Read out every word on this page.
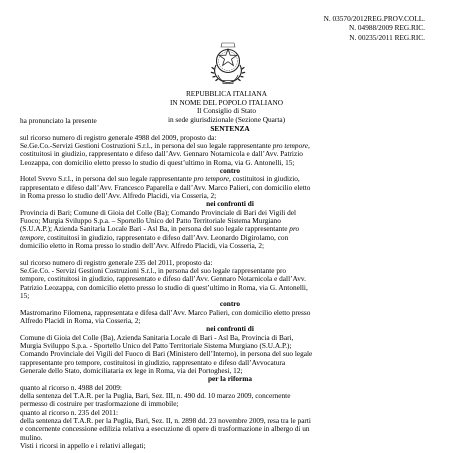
N. 03570/2012REG.PROV.COLL.
N. 04988/2009 REG.RIC.
N. 00235/2011 REG.RIC.
REPUBBLICA ITALIANA
IN NOME DEL POPOLO ITALIANO
Il Consiglio di Stato
in sede giurisdizionale (Sezione Quarta)

ha pronunciato la presente

SENTENZA

sul ricorso numero di registro generale 4988 del 2009, proposto da:

Se.Ge.Co.-Servizi Gestioni Costruzioni S.r.l., in persona del suo legale rappresentante pro tempore,

costituitosi in giudizio, rappresentato e difeso dall’Avv. Gennaro Notarnicola e dall’Avv. Patrizio

Leozappa, con domicilio eletto presso lo studio di quest’ultimo in Roma, via G. Antonelli, 15;

contro

Hotel Svevo S.r.l., in persona del suo legale rappresentante pro tempore, costituitosi in giudizio,

rappresentato e difeso dall’Avv. Francesco Paparella e dall’Avv. Marco Palieri, con domicilio eletto

in Roma presso lo studio dell’Avv. Alfredo Placidi, via Cosseria, 2;

nei confronti di

Provincia di Bari; Comune di Gioia del Colle (Ba); Comando Provinciale di Bari dei Vigili del

Fuoco; Murgia Sviluppo S.p.a. – Sportello Unico del Patto Territoriale Sistema Murgiano

(S.U.A.P.); Azienda Sanitaria Locale Bari - Asl Ba, in persona del suo legale rappresentante pro

tempore, costituitosi in giudizio, rappresentato e difeso dall’Avv. Leonardo Digirolamo, con

domicilio eletto in Roma presso lo studio dell’Avv. Alfredo Placidi, via Cosseria, 2;

sul ricorso numero di registro generale 235 del 2011, proposto da:

Se.Ge.Co. - Servizi Gestioni Costruzioni S.r.l., in persona del suo legale rappresentante pro

tempore, costituitosi in giudizio, rappresentato e difeso dall’Avv. Gennaro Notarnicola e dall’Avv.

Patrizio Leozappa, con domicilio eletto presso lo studio di quest’ultimo in Roma, via G. Antonelli,

15;

contro

Mastromarino Filomena, rappresentata e difesa dall’Avv. Marco Palieri, con domicilio eletto presso

Alfredo Placidi in Roma, via Cosseria, 2;

nei confronti di

Comune di Gioia del Colle (Ba), Azienda Sanitaria Locale di Bari - Asl Ba, Provincia di Bari,

Murgia Sviluppo S.p.a. - Sportello Unico del Patto Territoriale Sistema Murgiano (S.U.A.P.);

Comando Provinciale dei Vigili del Fuoco di Bari (Ministero dell’Interno), in persona del suo legale

rappresentante pro tempore, costituitosi in giudizio, rappresentato e difeso dall’Avvocatura

Generale dello Stato, domiciliataria ex lege in Roma, via dei Portoghesi, 12;

per la riforma

quanto al ricorso n. 4988 del 2009:

della sentenza del T.A.R. per la Puglia, Bari, Sez. III, n. 490 dd. 10 marzo 2009, concernente

permesso di costruire per trasformazione di immobile;

quanto al ricorso n. 235 del 2011:

della sentenza del T.A.R. per la Puglia, Bari, Sez. II, n. 2898 dd. 23 novembre 2009, resa tra le parti

e concernente concessione edilizia relativa a esecuzione di opere di trasformazione in albergo di un

mulino.

Visti i ricorsi in appello e i relativi allegati;
